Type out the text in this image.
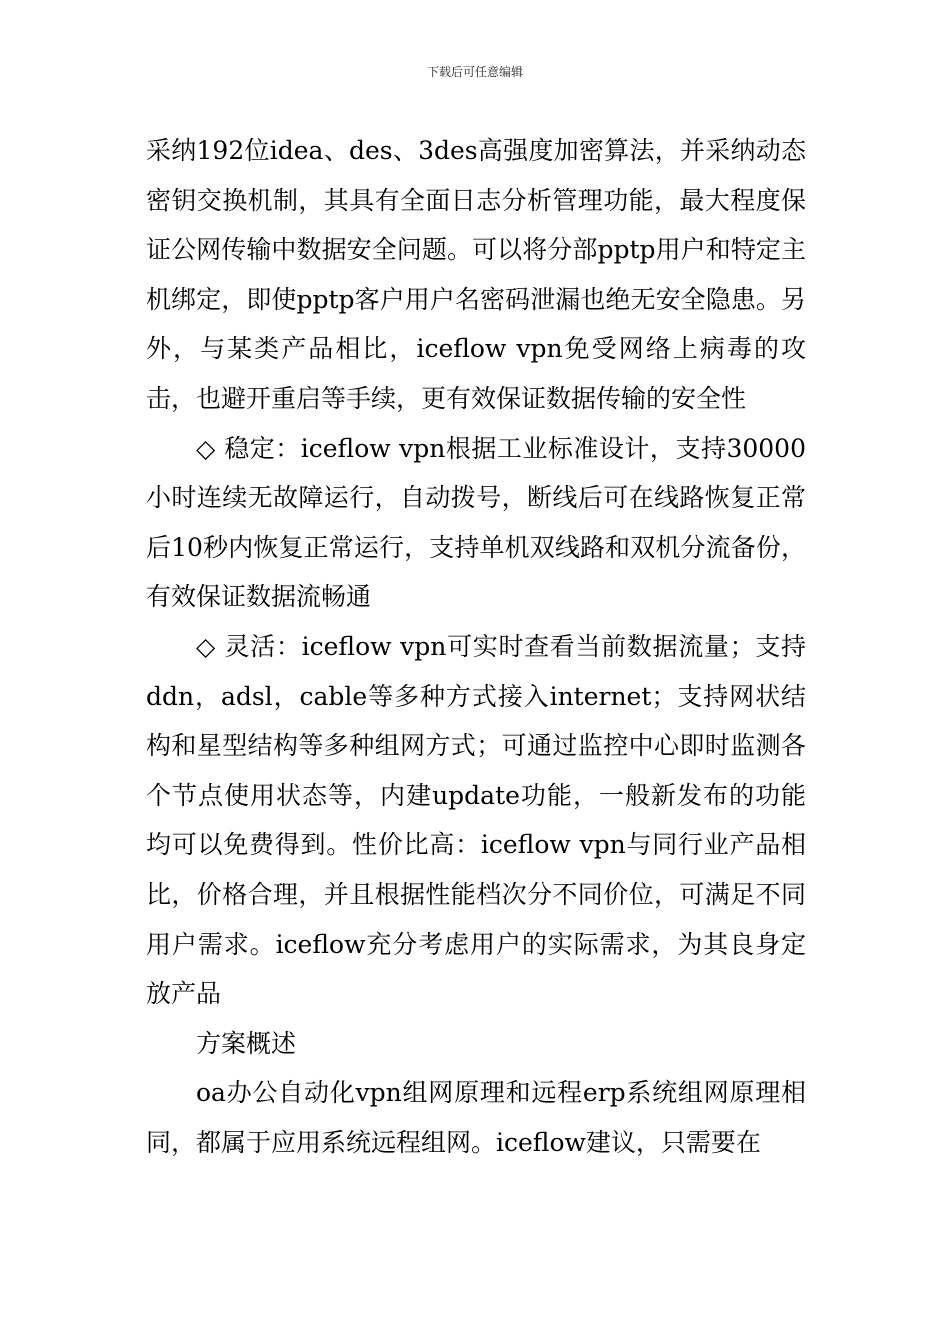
下载后可任意编辑

采纳192位idea、des、3des高强度加密算法，并采纳动态密钥交换机制，其具有全面日志分析管理功能，最大程度保证公网传输中数据安全问题。可以将分部pptp用户和特定主机绑定，即使pptp客户用户名密码泄漏也绝无安全隐患。另外，与某类产品相比，iceflow vpn免受网络上病毒的攻击，也避开重启等手续，更有效保证数据传输的安全性

◇ 稳定：iceflow vpn根据工业标准设计，支持30000小时连续无故障运行，自动拨号，断线后可在线路恢复正常后10秒内恢复正常运行，支持单机双线路和双机分流备份，有效保证数据流畅通

◇ 灵活：iceflow vpn可实时查看当前数据流量；支持ddn，adsl，cable等多种方式接入internet；支持网状结构和星型结构等多种组网方式；可通过监控中心即时监测各个节点使用状态等，内建update功能，一般新发布的功能均可以免费得到。性价比高：iceflow vpn与同行业产品相比，价格合理，并且根据性能档次分不同价位，可满足不同用户需求。iceflow充分考虑用户的实际需求，为其良身定放产品

方案概述

oa办公自动化vpn组网原理和远程erp系统组网原理相同，都属于应用系统远程组网。iceflow建议，只需要在
